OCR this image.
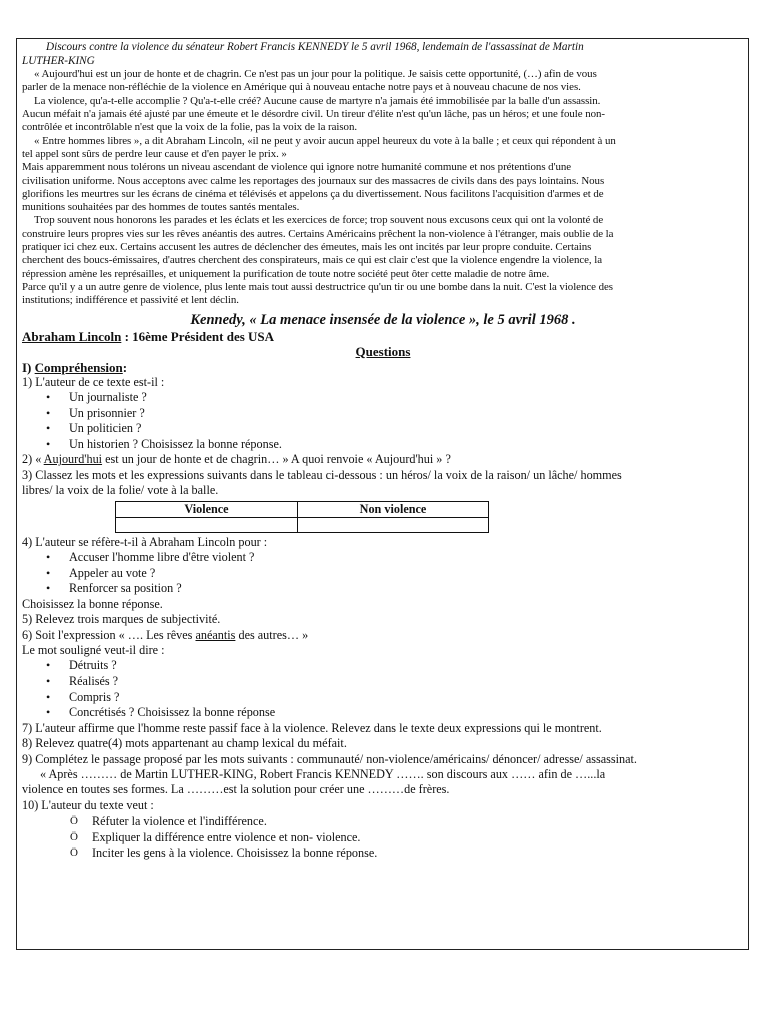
Discours contre la violence du sénateur Robert Francis KENNEDY le 5 avril 1968, lendemain de l'assassinat de Martin
LUTHER-KING
« Aujourd'hui est un jour de honte et de chagrin. Ce n'est pas un jour pour la politique. Je saisis cette opportunité, (…) afin de vous
parler de la menace non-réfléchie de la violence en Amérique qui à nouveau entache notre pays et à nouveau chacune de nos vies.
La violence, qu'a-t-elle accomplie ? Qu'a-t-elle créé? Aucune cause de martyre n'a jamais été immobilisée par la balle d'un assassin.
Aucun méfait n'a jamais été ajusté par une émeute et le désordre civil. Un tireur d'élite n'est qu'un lâche, pas un héros; et une foule non-
contrôlée et incontrôlable n'est que la voix de la folie, pas la voix de la raison.
« Entre hommes libres », a dit Abraham Lincoln, «il ne peut y avoir aucun appel heureux du vote à la balle ; et ceux qui répondent à un
tel appel sont sûrs de perdre leur cause et d'en payer le prix. »
Mais apparemment nous tolérons un niveau ascendant de violence qui ignore notre humanité commune et nos prétentions d'une
civilisation uniforme. Nous acceptons avec calme les reportages des journaux sur des massacres de civils dans des pays lointains. Nous
glorifions les meurtres sur les écrans de cinéma et télévisés et appelons ça du divertissement. Nous facilitons l'acquisition d'armes et de
munitions souhaitées par des hommes de toutes santés mentales.
Trop souvent nous honorons les parades et les éclats et les exercices de force; trop souvent nous excusons ceux qui ont la volonté de
construire leurs propres vies sur les rêves anéantis des autres. Certains Américains prêchent la non-violence à l'étranger, mais oublie de la
pratiquer ici chez eux. Certains accusent les autres de déclencher des émeutes, mais les ont incités par leur propre conduite. Certains
cherchent des boucs-émissaires, d'autres cherchent des conspirateurs, mais ce qui est clair c'est que la violence engendre la violence, la
répression amène les représailles, et uniquement la purification de toute notre société peut ôter cette maladie de notre âme.
Parce qu'il y a un autre genre de violence, plus lente mais tout aussi destructrice qu'un tir ou une bombe dans la nuit. C'est la violence des
institutions; indifférence et passivité et lent déclin.
Kennedy, « La menace insensée de la violence », le 5 avril 1968 .
Abraham Lincoln : 16ème Président des USA
Questions
I) Compréhension:
1) L'auteur de ce texte est-il :
• Un journaliste ?
• Un prisonnier ?
• Un politicien ?
• Un historien ? Choisissez la bonne réponse.
2) « Aujourd'hui est un jour de honte et de chagrin… » A quoi renvoie « Aujourd'hui » ?
3) Classez les mots et les expressions suivants dans le tableau ci-dessous : un héros/ la voix de la raison/ un lâche/ hommes
libres/ la voix de la folie/ vote à la balle.
Violence	Non violence

4) L'auteur se réfère-t-il à Abraham Lincoln pour :
• Accuser l'homme libre d'être violent ?
• Appeler au vote ?
• Renforcer sa position ?
Choisissez la bonne réponse.
5) Relevez trois marques de subjectivité.
6) Soit l'expression « …. Les rêves anéantis des autres… »
Le mot souligné veut-il dire :
• Détruits ?
• Réalisés ?
• Compris ?
• Concrétisés ? Choisissez la bonne réponse
7) L'auteur affirme que l'homme reste passif face à la violence. Relevez dans le texte deux expressions qui le montrent.
8) Relevez quatre(4) mots appartenant au champ lexical du méfait.
9) Complétez le passage proposé par les mots suivants : communauté/ non-violence/américains/ dénoncer/ adresse/ assassinat.
« Après ……… de Martin LUTHER-KING, Robert Francis KENNEDY ……. son discours aux …… afin de …...la
violence en toutes ses formes. La ………est la solution pour créer une ………de frères.
10) L'auteur du texte veut :
Ö Réfuter la violence et l'indifférence.
Ö Expliquer la différence entre violence et non- violence.
Ö Inciter les gens à la violence. Choisissez la bonne réponse.
